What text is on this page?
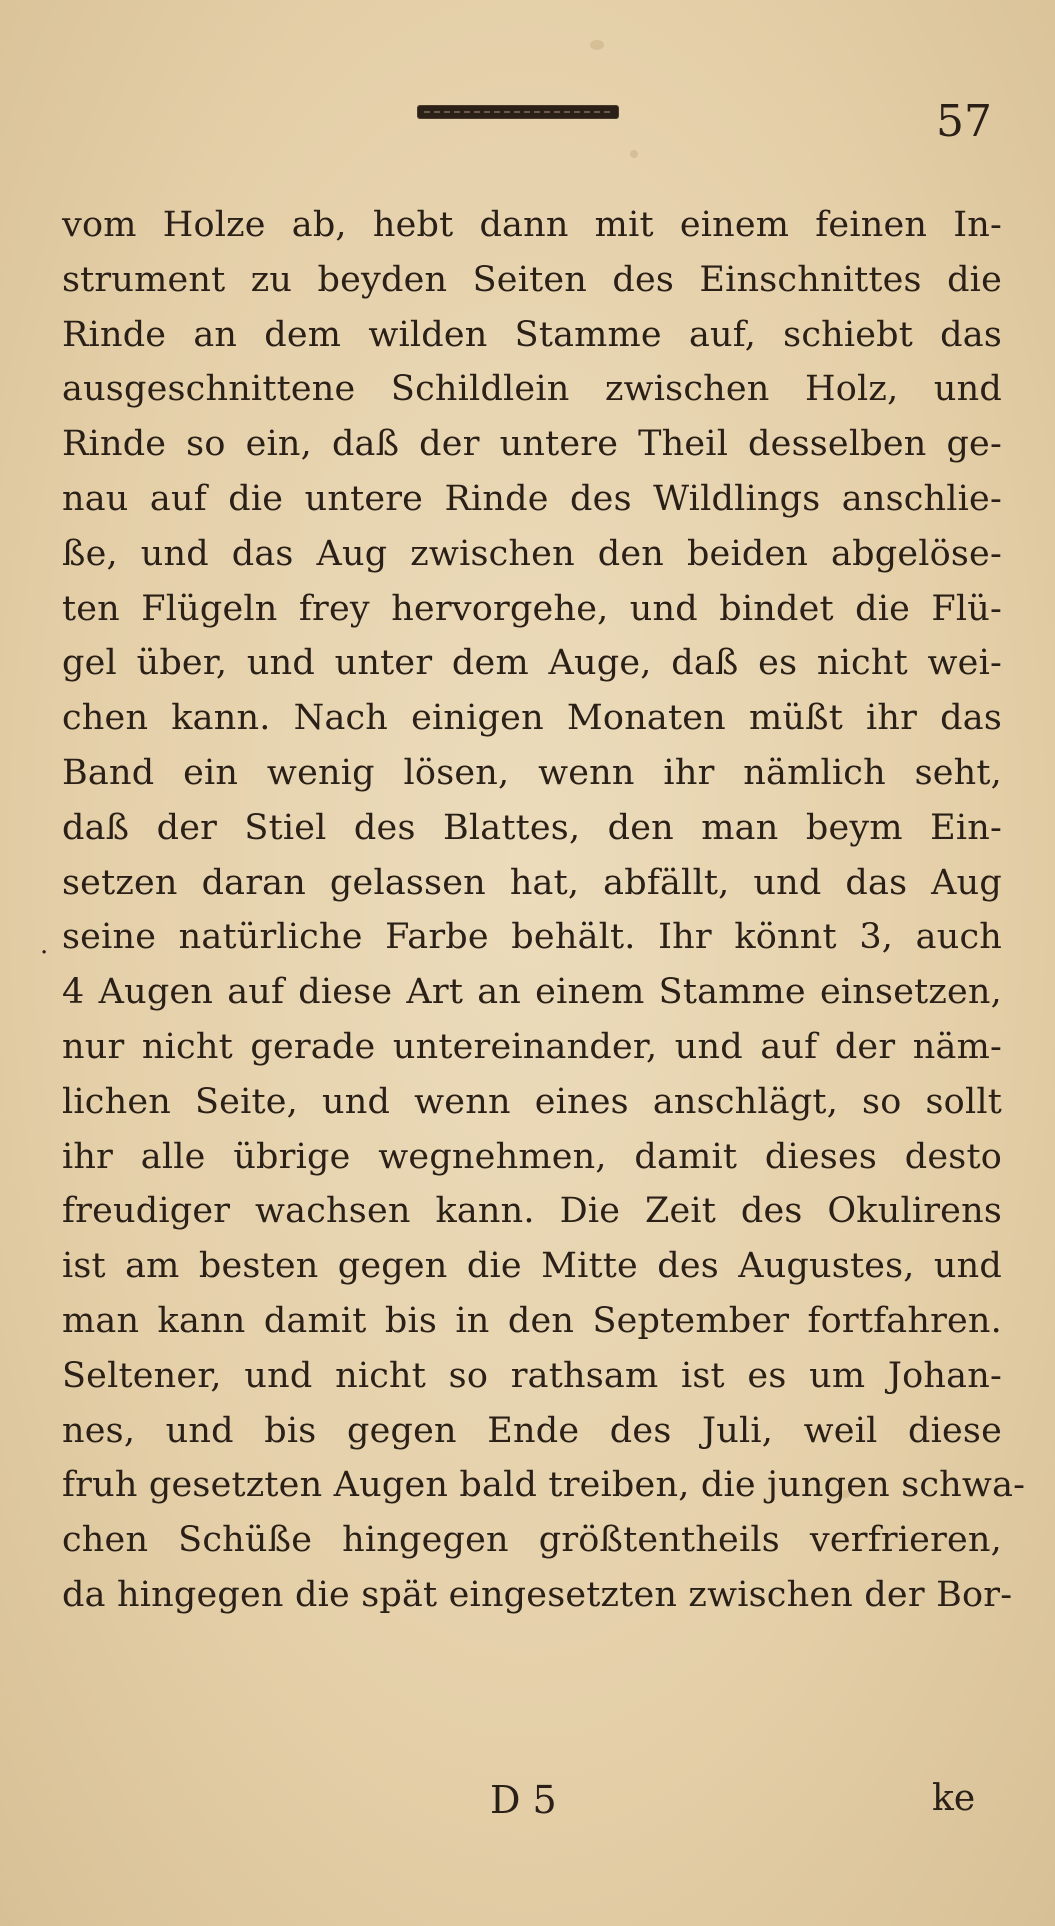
57
·
vom Holze ab, hebt dann mit einem feinen In-
strument zu beyden Seiten des Einschnittes die
Rinde an dem wilden Stamme auf, schiebt das
ausgeschnittene Schildlein zwischen Holz, und
Rinde so ein, daß der untere Theil desselben ge-
nau auf die untere Rinde des Wildlings anschlie-
ße, und das Aug zwischen den beiden abgelöse-
ten Flügeln frey hervorgehe, und bindet die Flü-
gel über, und unter dem Auge, daß es nicht wei-
chen kann. Nach einigen Monaten müßt ihr das
Band ein wenig lösen, wenn ihr nämlich seht,
daß der Stiel des Blattes, den man beym Ein-
setzen daran gelassen hat, abfällt, und das Aug
seine natürliche Farbe behält. Ihr könnt 3, auch
4 Augen auf diese Art an einem Stamme einsetzen,
nur nicht gerade untereinander, und auf der näm-
lichen Seite, und wenn eines anschlägt, so sollt
ihr alle übrige wegnehmen, damit dieses desto
freudiger wachsen kann. Die Zeit des Okulirens
ist am besten gegen die Mitte des Augustes, und
man kann damit bis in den September fortfahren.
Seltener, und nicht so rathsam ist es um Johan-
nes, und bis gegen Ende des Juli, weil diese
fruh gesetzten Augen bald treiben, die jungen schwa-
chen Schüße hingegen größtentheils verfrieren,
da hingegen die spät eingesetzten zwischen der Bor-
D 5	ke
